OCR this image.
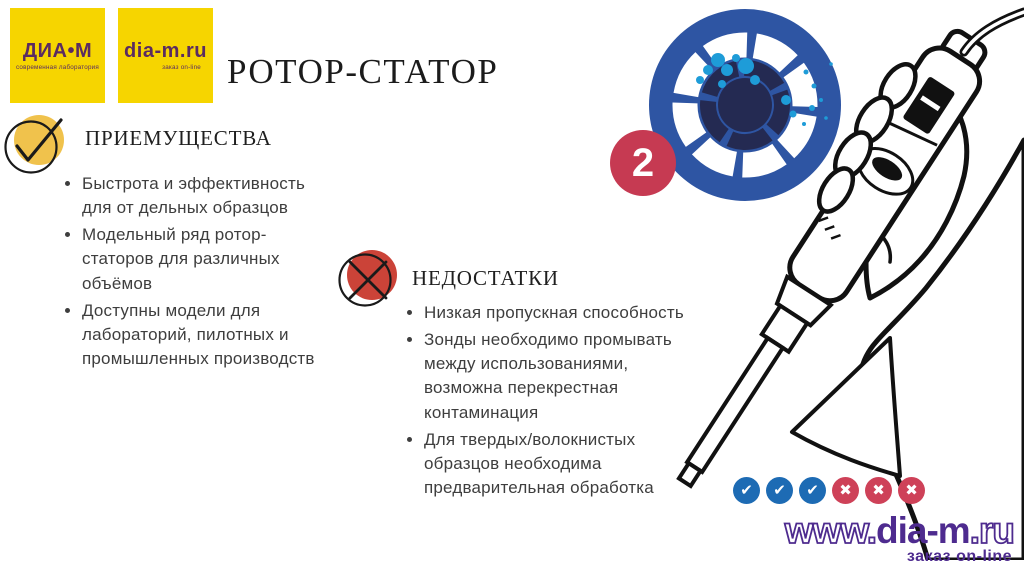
ДИА•М
современная лаборатория
dia-m.ru
заказ on-line РОТОР-СТАТОР
ПРИЕМУЩЕСТВА
• Быстрота и эффективность для от дельных образцов
• Модельный ряд ротор-статоров для различных объёмов
• Доступны модели для лабораторий, пилотных и промышленных производств
НЕДОСТАТКИ
• Низкая пропускная способность
• Зонды необходимо промывать между использованиями, возможна перекрестная контаминация
• Для твердых/волокнистых образцов необходима предварительная обработка
2
✔	✔	✔	✖	✖	✖
www.dia-m.ru
заказ on-line
